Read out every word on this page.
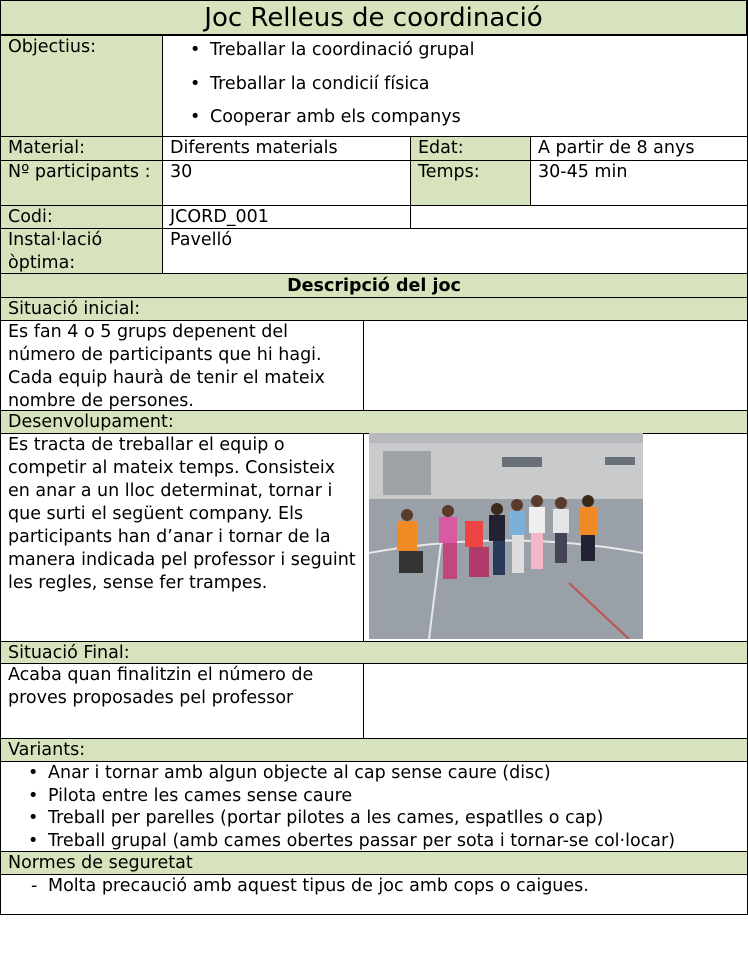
Joc Relleus de coordinació
Objectius:
•	Treballar la coordinació grupal
• Treballar la condicií física
• Cooperar amb els companys
Material:	Diferents materials	Edat:	A partir de 8 anys
Nº participants :	30	Temps:	30-45 min
Codi:	JCORD_001
Instal·lació òptima:
Pavelló
Descripció del joc
Situació inicial:
Es fan 4 o 5 grups depenent del número de participants que hi hagi. Cada equip haurà de tenir el mateix nombre de persones.
Desenvolupament:
Es tracta de treballar el equip o competir al mateix temps. Consisteix en anar a un lloc determinat, tornar i que surti el següent company. Els participants han d’anar i tornar de la manera indicada pel professor i seguint les regles, sense fer trampes.
Situació Final:
Acaba quan finalitzin el número de proves proposades pel professor
Variants:
• Anar i tornar amb algun objecte al cap sense caure (disc)
• Pilota entre les cames sense caure
• Treball per parelles (portar pilotes a les cames, espatlles o cap)
• Treball grupal (amb cames obertes passar per sota i tornar-se col·locar)
Normes de seguretat
- Molta precaució amb aquest tipus de joc amb cops o caigues.
